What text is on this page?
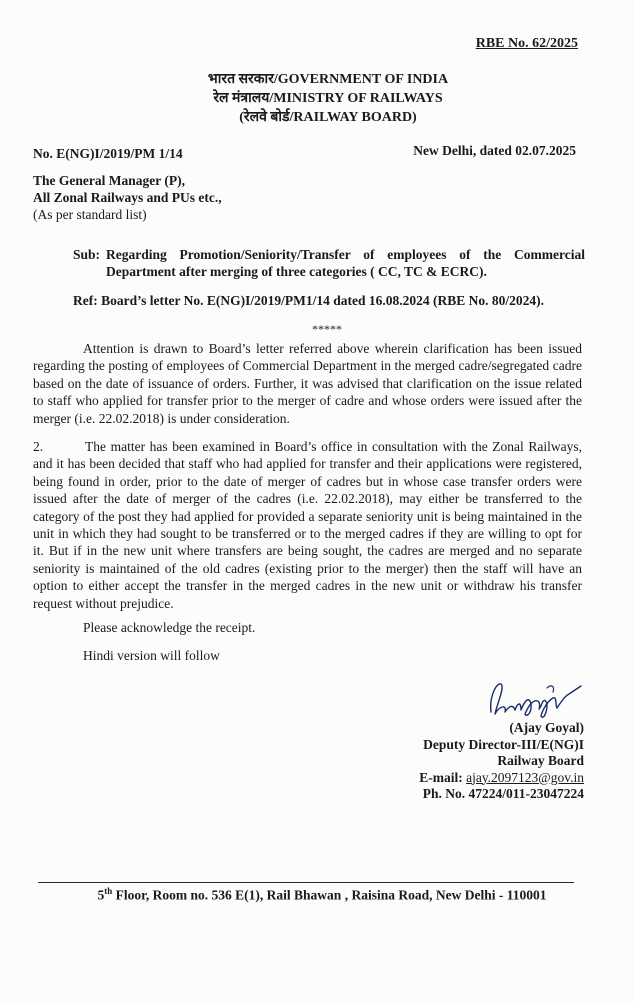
RBE No. 62/2025
भारत सरकार/GOVERNMENT OF INDIA
रेल मंत्रालय/MINISTRY OF RAILWAYS
(रेलवे बोर्ड/RAILWAY BOARD)
No. E(NG)I/2019/PM 1/14	New Delhi, dated 02.07.2025
The General Manager (P),
All Zonal Railways and PUs etc.,
(As per standard list)
Sub: Regarding Promotion/Seniority/Transfer of employees of the Commercial Department after merging of three categories ( CC, TC & ECRC).
Ref: Board’s letter No. E(NG)I/2019/PM1/14 dated 16.08.2024 (RBE No. 80/2024).
*****
Attention is drawn to Board’s letter referred above wherein clarification has been issued regarding the posting of employees of Commercial Department in the merged cadre/segregated cadre based on the date of issuance of orders. Further, it was advised that clarification on the issue related to staff who applied for transfer prior to the merger of cadre and whose orders were issued after the merger (i.e. 22.02.2018) is under consideration.
2.	The matter has been examined in Board’s office in consultation with the Zonal Railways, and it has been decided that staff who had applied for transfer and their applications were registered, being found in order, prior to the date of merger of cadres but in whose case transfer orders were issued after the date of merger of the cadres (i.e. 22.02.2018), may either be transferred to the category of the post they had applied for provided a separate seniority unit is being maintained in the unit in which they had sought to be transferred or to the merged cadres if they are willing to opt for it. But if in the new unit where transfers are being sought, the cadres are merged and no separate seniority is maintained of the old cadres (existing prior to the merger) then the staff will have an option to either accept the transfer in the merged cadres in the new unit or withdraw his transfer request without prejudice.
Please acknowledge the receipt.
Hindi version will follow
(Ajay Goyal)
Deputy Director-III/E(NG)I
Railway Board
E-mail: ajay.2097123@gov.in
Ph. No. 47224/011-23047224
5th Floor, Room no. 536 E(1), Rail Bhawan , Raisina Road, New Delhi - 110001
